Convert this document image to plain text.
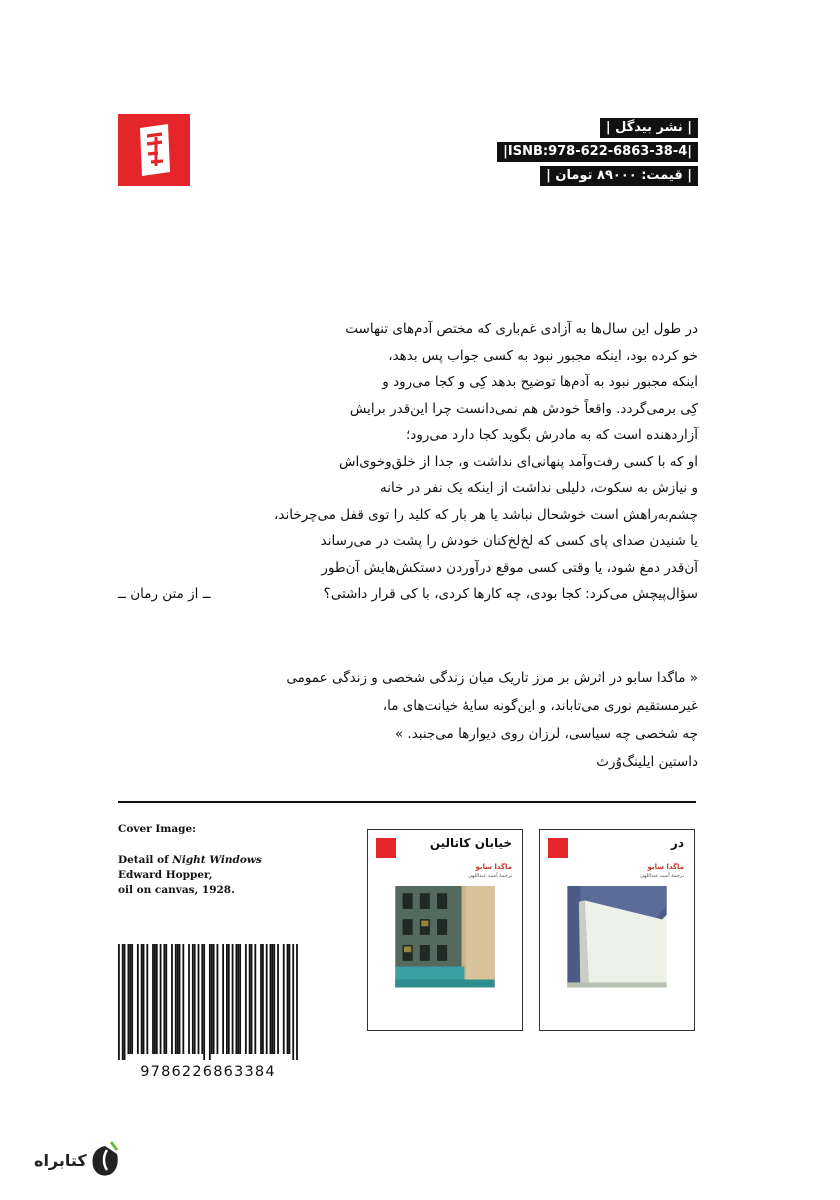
| نشر بیدگل |
|ISNB:978-622-6863-38-4|
| قیمت: ۸۹۰۰۰ تومان |
در طول این سال‌ها به آزادی غم‌باری که مختص آدم‌های تنهاست
خو کرده بود، اینکه مجبور نبود به کسی جواب پس بدهد،
اینکه مجبور نبود به آدم‌ها توضیح بدهد کِی و کجا می‌رود و
کِی برمی‌گردد. واقعاً خودش هم نمی‌دانست چرا این‌قدر برایش
آزاردهنده است که به مادرش بگوید کجا دارد می‌رود؛
او که با کسی رفت‌وآمد پنهانی‌ای نداشت و، جدا از خلق‌وخوی‌اش
و نیازش به سکوت، دلیلی نداشت از اینکه یک نفر در خانه
چشم‌به‌راهش است خوشحال نباشد یا هر بار که کلید را توی قفل می‌چرخاند،
یا شنیدن صدای پای کسی که لخ‌لخ‌کنان خودش را پشت در می‌رساند
آن‌قدر دمغ شود، یا وقتی کسی موقع درآوردن دستکش‌هایش آن‌طور
سؤال‌پیچش می‌کرد: کجا بودی، چه کارها کردی، با کی قرار داشتی؟
ــ از متن رمان ــ
« ماگدا سابو در اثرش بر مرز تاریک میان زندگی شخصی و زندگی عمومی
غیرمستقیم نوری می‌تاباند، و این‌گونه سایهٔ خیانت‌های ما،
چه شخصی چه سیاسی، لرزان روی دیوارها می‌جنبد. »
داستین ایلینگ‌وُرث
Cover Image:
Detail of Night Windows
Edward Hopper,
oil on canvas, 1928.
9786226863384
خیابان کاتالین
ماگدا سابو
ترجمهٔ آسیه عبداللهی
در
ماگدا سابو
ترجمهٔ آسیه عبداللهی
کتابراه
